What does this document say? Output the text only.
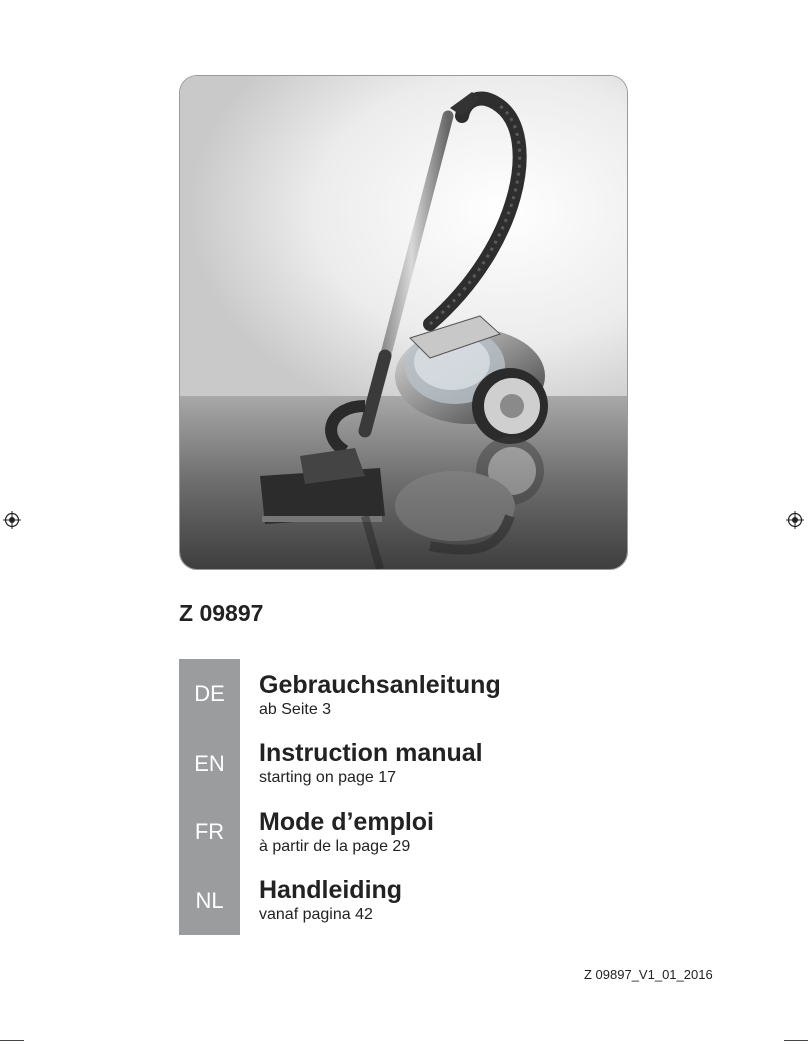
Z 09897
DE
EN
FR
NL
Gebrauchsanleitung
ab Seite 3
Instruction manual
starting on page 17
Mode d’emploi
à partir de la page 29
Handleiding
vanaf pagina 42
Z 09897_V1_01_2016
